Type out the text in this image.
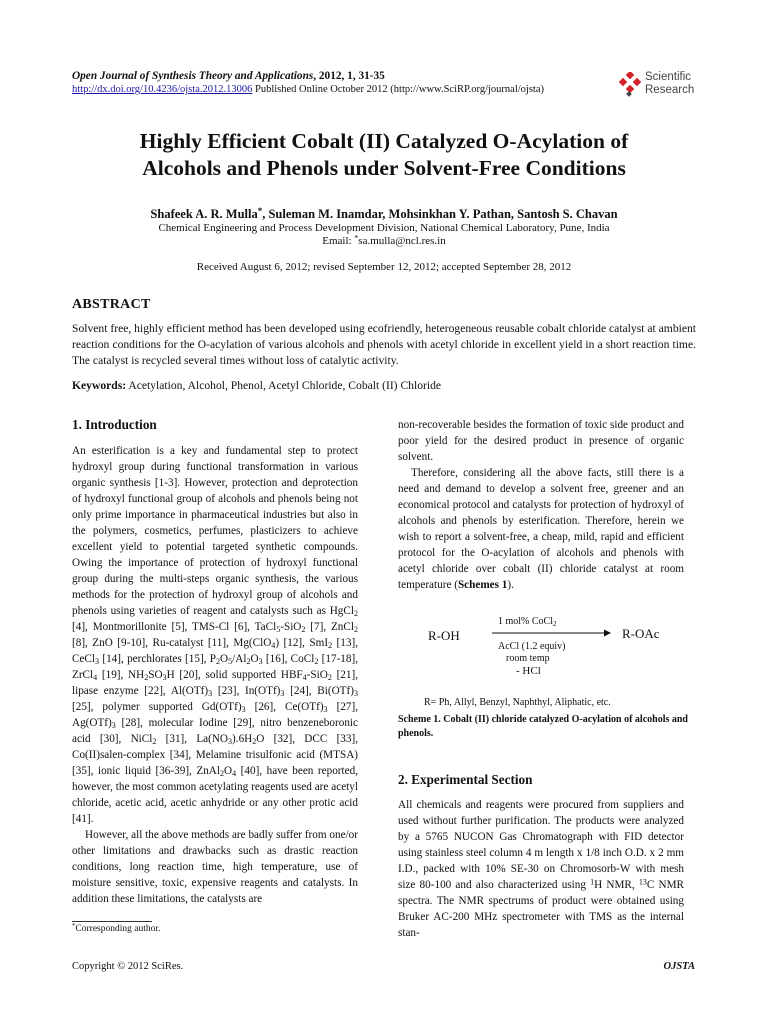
Open Journal of Synthesis Theory and Applications, 2012, 1, 31-35
http://dx.doi.org/10.4236/ojsta.2012.13006 Published Online October 2012 (http://www.SciRP.org/journal/ojsta)
Scientific
Research
Highly Efficient Cobalt (II) Catalyzed O-Acylation of
Alcohols and Phenols under Solvent-Free Conditions
Shafeek A. R. Mulla*, Suleman M. Inamdar, Mohsinkhan Y. Pathan, Santosh S. Chavan
Chemical Engineering and Process Development Division, National Chemical Laboratory, Pune, India
Email: *sa.mulla@ncl.res.in
Received August 6, 2012; revised September 12, 2012; accepted September 28, 2012
ABSTRACT
Solvent free, highly efficient method has been developed using ecofriendly, heterogeneous reusable cobalt chloride catalyst at ambient reaction conditions for the O-acylation of various alcohols and phenols with acetyl chloride in excellent yield in a short reaction time. The catalyst is recycled several times without loss of catalytic activity.
Keywords: Acetylation, Alcohol, Phenol, Acetyl Chloride, Cobalt (II) Chloride
1. Introduction

An esterification is a key and fundamental step to protect hydroxyl group during functional transformation in various organic synthesis [1-3]. However, protection and deprotection of hydroxyl functional group of alcohols and phenols being not only prime importance in pharmaceutical industries but also in the polymers, cosmetics, perfumes, plasticizers to achieve excellent yield to potential targeted synthetic compounds. Owing the importance of protection of hydroxyl functional group during the multi-steps organic synthesis, the various methods for the protection of hydroxyl group of alcohols and phenols using varieties of reagent and catalysts such as HgCl$_2$ [4], Montmorillonite [5], TMS-Cl [6], TaCl$_5$-SiO$_2$ [7], ZnCl$_2$ [8], ZnO [9-10], Ru-catalyst [11], Mg(ClO$_4$) [12], SmI$_2$ [13], CeCl$_3$ [14], perchlorates [15], $P_2O_5/Al_2O_3$ [16], CoCl$_2$ [17-18], ZrCl$_4$ [19], $NH_2SO_3H$ [20], solid supported $HBF_4-SiO_2$ [21], lipase enzyme [22], $Al(OTf)_3$ [23], $In(OTf)_3$ [24], $Bi(OTf)_3$ [25], polymer supported $Gd(OTf)_3$ [26], $Ce(OTf)_3$ [27], $Ag(OTf)_3$ [28], molecular Iodine [29], nitro benzeneboronic acid [30], NiCl$_2$ [31], $La(NO_3).6H_2O$ [32], DCC [33], Co(II)salen-complex [34], Melamine trisulfonic acid (MTSA) [35], ionic liquid [36-39], $ZnAl_2O_4$ [40], have been reported, however, the most common acetylating reagents used are acetyl chloride, acetic acid, acetic anhydride or any other protic acid [41].

However, all the above methods are badly suffer from one/or other limitations and drawbacks such as drastic reaction conditions, long reaction time, high temperature, use of moisture sensitive, toxic, expensive reagents and catalysts. In addition these limitations, the catalysts are

*Corresponding author.

non-recoverable besides the formation of toxic side product and poor yield for the desired product in presence of organic solvent.

Therefore, considering all the above facts, still there is a need and demand to develop a solvent free, greener and an economical protocol and catalysts for protection of hydroxyl of alcohols and phenols by esterification. Therefore, herein we wish to report a solvent-free, a cheap, mild, rapid and efficient protocol for the O-acylation of alcohols and phenols with acetyl chloride over cobalt (II) chloride catalyst at room temperature (Schemes 1).

R-OH	R-OAc
1 mol% CoCl$_2$
AcCl (1.2 equiv)
room temp
- HCl
R= Ph, Allyl, Benzyl, Naphthyl, Aliphatic, etc.
Scheme 1. Cobalt (II) chloride catalyzed O-acylation of alcohols and phenols.
2. Experimental Section

All chemicals and reagents were procured from suppliers and used without further purification. The products were analyzed by a 5765 NUCON Gas Chromatograph with FID detector using stainless steel column 4 m length x 1/8 inch O.D. x 2 mm I.D., packed with 10% SE-30 on Chromosorb-W with mesh size 80-100 and also characterized using $^1$H NMR, $^{13}$C NMR spectra. The NMR spectrums of product were obtained using Bruker AC-200 MHz spectrometer with TMS as the internal stan-

Copyright © 2012 SciRes.	OJSTA
